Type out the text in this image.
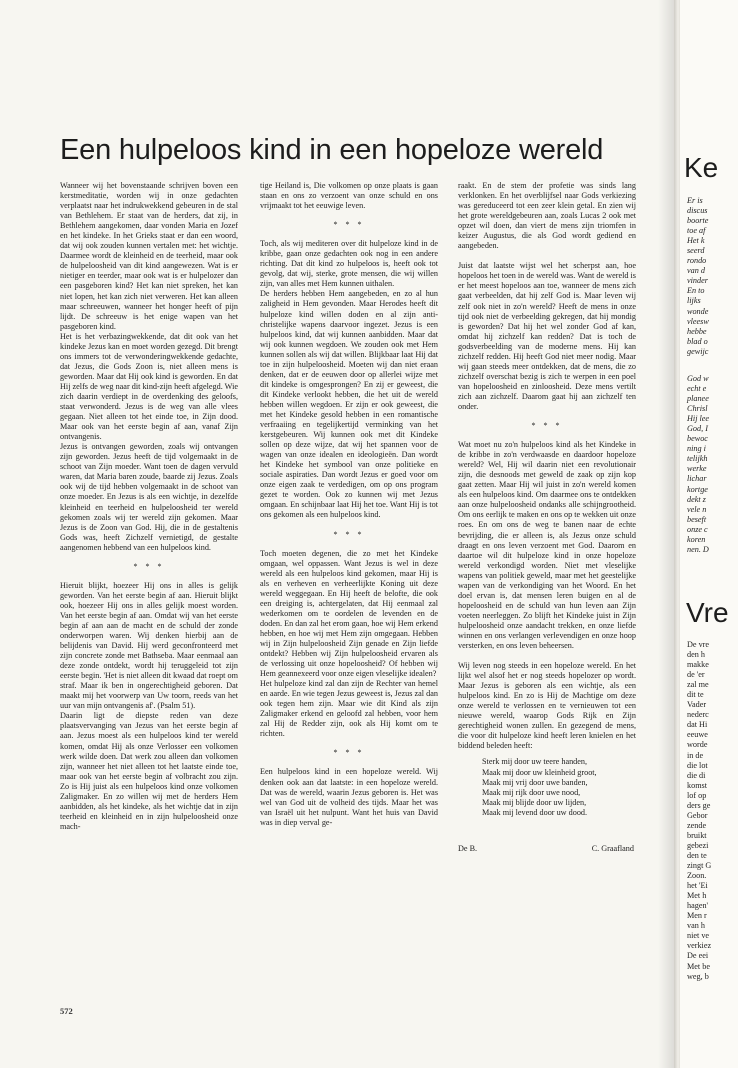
Een hulpeloos kind in een hopeloze wereld

Wanneer wij het bovenstaande schrijven boven een kerstmeditatie, worden wij in onze gedachten verplaatst naar het indrukwekkend gebeuren in de stal van Bethlehem. Er staat van de herders, dat zij, in Bethlehem aangekomen, daar vonden Maria en Jozef en het kindeke. In het Grieks staat er dan een woord, dat wij ook zouden kunnen vertalen met: het wichtje. Daarmee wordt de kleinheid en de teerheid, maar ook de hulpeloosheid van dit kind aangewezen. Wat is er nietiger en teerder, maar ook wat is er hulpelozer dan een pasgeboren kind? Het kan niet spreken, het kan niet lopen, het kan zich niet verweren. Het kan alleen maar schreeuwen, wanneer het honger heeft of pijn lijdt. De schreeuw is het enige wapen van het pasgeboren kind.

Het is het verbazingwekkende, dat dit ook van het kindeke Jezus kan en moet worden gezegd. Dit brengt ons immers tot de verwonderingwekkende gedachte, dat Jezus, die Gods Zoon is, niet alleen mens is geworden. Maar dat Hij ook kind is geworden. En dat Hij zelfs de weg naar dit kind-zijn heeft afgelegd. Wie zich daarin verdiept in de overdenking des geloofs, staat verwonderd. Jezus is de weg van alle vlees gegaan. Niet alleen tot het einde toe, in Zijn dood. Maar ook van het eerste begin af aan, vanaf Zijn ontvangenis.

Jezus is ontvangen geworden, zoals wij ontvangen zijn geworden. Jezus heeft de tijd volgemaakt in de schoot van Zijn moeder. Want toen de dagen vervuld waren, dat Maria baren zoude, baarde zij Jezus. Zoals ook wij de tijd hebben volgemaakt in de schoot van onze moeder. En Jezus is als een wichtje, in dezelfde kleinheid en teerheid en hulpeloosheid ter wereld gekomen zoals wij ter wereld zijn gekomen. Maar Jezus is de Zoon van God. Hij, die in de gestaltenis Gods was, heeft Zichzelf vernietigd, de gestalte aangenomen hebbend van een hulpeloos kind.

* * *

Hieruit blijkt, hoezeer Hij ons in alles is gelijk geworden. Van het eerste begin af aan. Hieruit blijkt ook, hoezeer Hij ons in alles gelijk moest worden. Van het eerste begin af aan. Omdat wij van het eerste begin af aan aan de macht en de schuld der zonde onderworpen waren. Wij denken hierbij aan de belijdenis van David. Hij werd geconfronteerd met zijn concrete zonde met Bathseba. Maar eenmaal aan deze zonde ontdekt, wordt hij teruggeleid tot zijn eerste begin. 'Het is niet alleen dit kwaad dat roept om straf. Maar ik ben in ongerechtigheid geboren. Dat maakt mij het voorwerp van Uw toorn, reeds van het uur van mijn ontvangenis af'. (Psalm 51).

Daarin ligt de diepste reden van deze plaatsvervanging van Jezus van het eerste begin af aan. Jezus moest als een hulpeloos kind ter wereld komen, omdat Hij als onze Verlosser een volkomen werk wilde doen. Dat werk zou alleen dan volkomen zijn, wanneer het niet alleen tot het laatste einde toe, maar ook van het eerste begin af volbracht zou zijn. Zo is Hij juist als een hulpeloos kind onze volkomen Zaligmaker. En zo willen wij met de herders Hem aanbidden, als het kindeke, als het wichtje dat in zijn teerheid en kleinheid en in zijn hulpeloosheid onze mach-

tige Heiland is, Die volkomen op onze plaats is gaan staan en ons zo verzoent van onze schuld en ons vrijmaakt tot het eeuwige leven.

* * *

Toch, als wij mediteren over dit hulpeloze kind in de kribbe, gaan onze gedachten ook nog in een andere richting. Dat dit kind zo hulpeloos is, heeft ook tot gevolg, dat wij, sterke, grote mensen, die wij willen zijn, van alles met Hem kunnen uithalen.

De herders hebben Hem aangebeden, en zo al hun zaligheid in Hem gevonden. Maar Herodes heeft dit hulpeloze kind willen doden en al zijn anti-christelijke wapens daarvoor ingezet. Jezus is een hulpeloos kind, dat wij kunnen aanbidden. Maar dat wij ook kunnen wegdoen. We zouden ook met Hem kunnen sollen als wij dat willen. Blijkbaar laat Hij dat toe in zijn hulpeloosheid. Moeten wij dan niet eraan denken, dat er de eeuwen door op allerlei wijze met dit kindeke is omgesprongen? En zij er geweest, die dit Kindeke verlookt hebben, die het uit de wereld hebben willen wegdoen. Er zijn er ook geweest, die met het Kindeke gesold hebben in een romantische verfraaiing en tegelijkertijd verminking van het kerstgebeuren. Wij kunnen ook met dit Kindeke sollen op deze wijze, dat wij het spannen voor de wagen van onze idealen en ideologieën. Dan wordt het Kindeke het symbool van onze politieke en sociale aspiraties. Dan wordt Jezus er goed voor om onze eigen zaak te verdedigen, om op ons program gezet te worden. Ook zo kunnen wij met Jezus omgaan. En schijnbaar laat Hij het toe. Want Hij is tot ons gekomen als een hulpeloos kind.

* * *

Toch moeten degenen, die zo met het Kindeke omgaan, wel oppassen. Want Jezus is wel in deze wereld als een hulpeloos kind gekomen, maar Hij is als en verheven en verheerlijkte Koning uit deze wereld weggegaan. En Hij heeft de belofte, die ook een dreiging is, achtergelaten, dat Hij eenmaal zal wederkomen om te oordelen de levenden en de doden. En dan zal het erom gaan, hoe wij Hem erkend hebben, en hoe wij met Hem zijn omgegaan. Hebben wij in Zijn hulpeloosheid Zijn genade en Zijn liefde ontdekt? Hebben wij Zijn hulpeloosheid ervaren als de verlossing uit onze hopeloosheid? Of hebben wij Hem geannexeerd voor onze eigen vleselijke idealen?

Het hulpeloze kind zal dan zijn de Rechter van hemel en aarde. En wie tegen Jezus geweest is, Jezus zal dan ook tegen hem zijn. Maar wie dit Kind als zijn Zaligmaker erkend en geloofd zal hebben, voor hem zal Hij de Redder zijn, ook als Hij komt om te richten.

* * *

Een hulpeloos kind in een hopeloze wereld. Wij denken ook aan dat laatste: in een hopeloze wereld. Dat was de wereld, waarin Jezus geboren is. Het was wel van God uit de volheid des tijds. Maar het was van Israël uit het nulpunt. Want het huis van David was in diep verval ge-

raakt. En de stem der profetie was sinds lang verklonken. En het overblijfsel naar Gods verkiezing was gereduceerd tot een zeer klein getal. En zien wij het grote wereldgebeuren aan, zoals Lucas 2 ook met opzet wil doen, dan viert de mens zijn triomfen in keizer Augustus, die als God wordt gediend en aangebeden.

Juist dat laatste wijst wel het scherpst aan, hoe hopeloos het toen in de wereld was. Want de wereld is er het meest hopeloos aan toe, wanneer de mens zich gaat verbeelden, dat hij zelf God is. Maar leven wij zelf ook niet in zo'n wereld? Heeft de mens in onze tijd ook niet de verbeelding gekregen, dat hij mondig is geworden? Dat hij het wel zonder God af kan, omdat hij zichzelf kan redden? Dat is toch de godsverbeelding van de moderne mens. Hij kan zichzelf redden. Hij heeft God niet meer nodig. Maar wij gaan steeds meer ontdekken, dat de mens, die zo zichzelf overschat bezig is zich te werpen in een poel van hopeloosheid en zinloosheid. Deze mens vertilt zich aan zichzelf. Daarom gaat hij aan zichzelf ten onder.

* * *

Wat moet nu zo'n hulpeloos kind als het Kindeke in de kribbe in zo'n verdwaasde en daardoor hopeloze wereld? Wel, Hij wil daarin niet een revolutionair zijn, die desnoods met geweld de zaak op zijn kop gaat zetten. Maar Hij wil juist in zo'n wereld komen als een hulpeloos kind. Om daarmee ons te ontdekken aan onze hulpeloosheid ondanks alle schijngrootheid. Om ons eerlijk te maken en ons op te wekken uit onze roes. En om ons de weg te banen naar de echte bevrijding, die er alleen is, als Jezus onze schuld draagt en ons leven verzoent met God. Daarom en daartoe wil dit hulpeloze kind in onze hopeloze wereld verkondigd worden. Niet met vleselijke wapens van politiek geweld, maar met het geestelijke wapen van de verkondiging van het Woord. En het doel ervan is, dat mensen leren buigen en al de hopeloosheid en de schuld van hun leven aan Zijn voeten neerleggen. Zo blijft het Kindeke juist in Zijn hulpeloosheid onze aandacht trekken, en onze liefde winnen en ons verlangen verlevendigen en onze hoop versterken, en ons leven beheersen.

Wij leven nog steeds in een hopeloze wereld. En het lijkt wel alsof het er nog steeds hopelozer op wordt. Maar Jezus is geboren als een wichtje, als een hulpeloos kind. En zo is Hij de Machtige om deze onze wereld te verlossen en te vernieuwen tot een nieuwe wereld, waarop Gods Rijk en Zijn gerechtigheid wonen zullen. En gezegend de mens, die voor dit hulpeloze kind heeft leren knielen en het biddend beleden heeft:

Sterk mij door uw teere handen,
Maak mij door uw kleinheid groot,
Maak mij vrij door uwe banden,
Maak mij rijk door uwe nood,
Maak mij blijde door uw lijden,
Maak mij levend door uw dood.
De B.	C. Graafland
572
Ke
Er is
discus
boorte
toe af
Het k
seerd
rondo
van d
vinder
En to
lijks
wonde
vleesw
hebbe
blad o
gewijc
God w
echt e
planee
Chrisl
Hij lee
God, I
bewoc
ning i
telijkh
werke
lichar
kortge
dekt z
vele n
beseft
onze c
koren
nen. D
Vre
De vre
den h
makke
de 'er
zal me
dit te
Vader
nederc
dat Hi
eeuwe
worde
in de
die lot
die di
komst
lof op
ders ge
Gebor
zende
bruikt
gebezi
den te
zingt G
Zoon.
het 'Ei
Met h
hagen'
Men r
van h
niet ve
verkiez
De eei
Met be
weg, b
